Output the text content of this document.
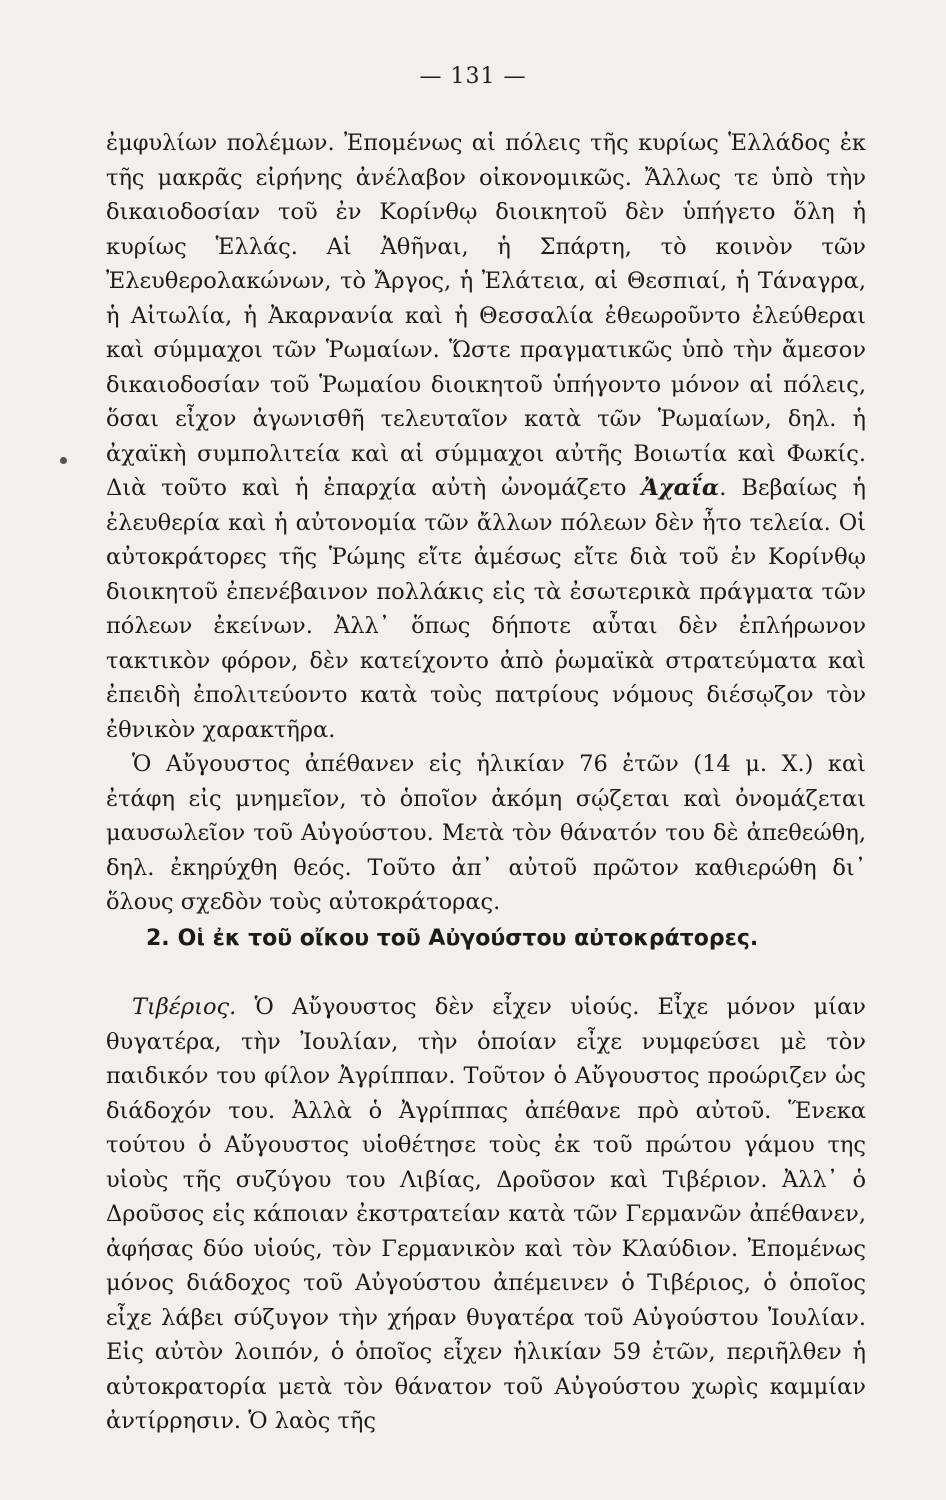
— 131 —

ἐμφυλίων πολέμων. Ἐπομένως αἱ πόλεις τῆς κυρίως Ἑλλάδος ἐκ τῆς μακρᾶς εἰρήνης ἀνέλαβον οἰκονομικῶς. Ἄλλως τε ὑπὸ τὴν δικαιοδοσίαν τοῦ ἐν Κορίνθῳ διοικητοῦ δὲν ὑπήγετο ὅλη ἡ κυρίως Ἑλλάς. Αἱ Ἀθῆναι, ἡ Σπάρτη, τὸ κοινὸν τῶν Ἐλευθερολακώνων, τὸ Ἄργος, ἡ Ἐλάτεια, αἱ Θεσπιαί, ἡ Τάναγρα, ἡ Αἰτωλία, ἡ Ἀκαρνανία καὶ ἡ Θεσσαλία ἐθεωροῦντο ἐλεύθεραι καὶ σύμμαχοι τῶν Ῥωμαίων. Ὥστε πραγματικῶς ὑπὸ τὴν ἄμεσον δικαιοδοσίαν τοῦ Ῥωμαίου διοικητοῦ ὑπήγοντο μόνον αἱ πόλεις, ὅσαι εἶχον ἀγωνισθῆ τελευταῖον κατὰ τῶν Ῥωμαίων, δηλ. ἡ ἀχαϊκὴ συμπολιτεία καὶ αἱ σύμμαχοι αὐτῆς Βοιωτία καὶ Φωκίς. Διὰ τοῦτο καὶ ἡ ἐπαρχία αὐτὴ ὠνομάζετο Ἀχαΐα. Βεβαίως ἡ ἐλευθερία καὶ ἡ αὐτονομία τῶν ἄλλων πόλεων δὲν ἦτο τελεία. Οἱ αὐτοκράτορες τῆς Ῥώμης εἴτε ἀμέσως εἴτε διὰ τοῦ ἐν Κορίνθῳ διοικητοῦ ἐπενέβαινον πολλάκις εἰς τὰ ἐσωτερικὰ πράγματα τῶν πόλεων ἐκείνων. Ἀλλ᾽ ὅπως δήποτε αὗται δὲν ἐπλήρωνον τακτικὸν φόρον, δὲν κατείχοντο ἀπὸ ῥωμαϊκὰ στρατεύματα καὶ ἐπειδὴ ἐπολιτεύοντο κατὰ τοὺς πατρίους νόμους διέσῳζον τὸν ἐθνικὸν χαρακτῆρα.

Ὁ Αὔγουστος ἀπέθανεν εἰς ἡλικίαν 76 ἐτῶν (14 μ. Χ.) καὶ ἐτάφη εἰς μνημεῖον, τὸ ὁποῖον ἀκόμη σῴζεται καὶ ὀνομάζεται μαυσωλεῖον τοῦ Αὐγούστου. Μετὰ τὸν θάνατόν του δὲ ἀπεθεώθη, δηλ. ἐκηρύχθη θεός. Τοῦτο ἀπ᾽ αὐτοῦ πρῶτον καθιερώθη δι᾽ ὅλους σχεδὸν τοὺς αὐτοκράτορας.

2. Οἱ ἐκ τοῦ οἴκου τοῦ Αὐγούστου αὐτοκράτορες.

Τιβέριος. Ὁ Αὔγουστος δὲν εἶχεν υἱούς. Εἶχε μόνον μίαν θυγατέρα, τὴν Ἰουλίαν, τὴν ὁποίαν εἶχε νυμφεύσει μὲ τὸν παιδικόν του φίλον Ἀγρίππαν. Τοῦτον ὁ Αὔγουστος προώριζεν ὡς διάδοχόν του. Ἀλλὰ ὁ Ἀγρίππας ἀπέθανε πρὸ αὐτοῦ. Ἕνεκα τούτου ὁ Αὔγουστος υἱοθέτησε τοὺς ἐκ τοῦ πρώτου γάμου της υἱοὺς τῆς συζύγου του Λιβίας, Δροῦσον καὶ Τιβέριον. Ἀλλ᾽ ὁ Δροῦσος εἰς κάποιαν ἐκστρατείαν κατὰ τῶν Γερμανῶν ἀπέθανεν, ἀφήσας δύο υἱούς, τὸν Γερμανικὸν καὶ τὸν Κλαύδιον. Ἐπομένως μόνος διάδοχος τοῦ Αὐγούστου ἀπέμεινεν ὁ Τιβέριος, ὁ ὁποῖος εἶχε λάβει σύζυγον τὴν χήραν θυγατέρα τοῦ Αὐγούστου Ἰουλίαν. Εἰς αὐτὸν λοιπόν, ὁ ὁποῖος εἶχεν ἡλικίαν 59 ἐτῶν, περιῆλθεν ἡ αὐτοκρατορία μετὰ τὸν θάνατον τοῦ Αὐγούστου χωρὶς καμμίαν ἀντίρρησιν. Ὁ λαὸς τῆς
